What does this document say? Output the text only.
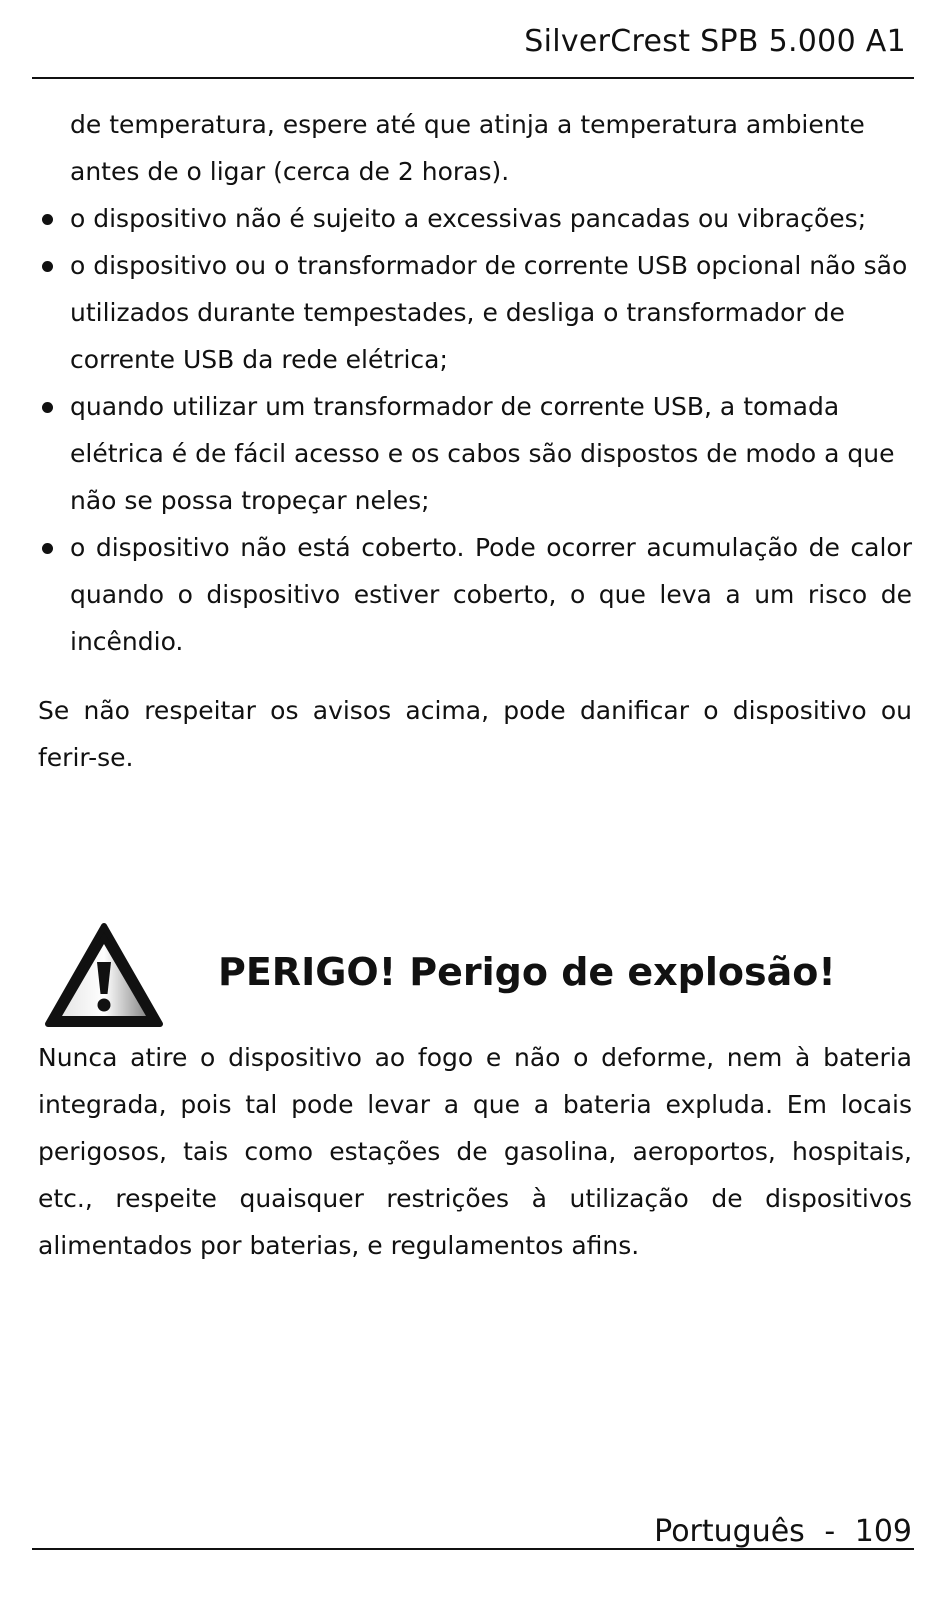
SilverCrest SPB 5.000 A1
de temperatura, espere até que atinja a temperatura ambiente antes de o ligar (cerca de 2 horas).
o dispositivo não é sujeito a excessivas pancadas ou vibrações;
o dispositivo ou o transformador de corrente USB opcional não são utilizados durante tempestades, e desliga o transformador de corrente USB da rede elétrica;
quando utilizar um transformador de corrente USB, a tomada elétrica é de fácil acesso e os cabos são dispostos de modo a que não se possa tropeçar neles;
o dispositivo não está coberto. Pode ocorrer acumulação de calor quando o dispositivo estiver coberto, o que leva a um risco de incêndio.
Se não respeitar os avisos acima, pode danificar o dispositivo ou ferir-se.
PERIGO! Perigo de explosão!
Nunca atire o dispositivo ao fogo e não o deforme, nem à bateria integrada, pois tal pode levar a que a bateria expluda. Em locais perigosos, tais como estações de gasolina, aeroportos, hospitais, etc., respeite quaisquer restrições à utilização de dispositivos alimentados por baterias, e regulamentos afins.
Português - 109
